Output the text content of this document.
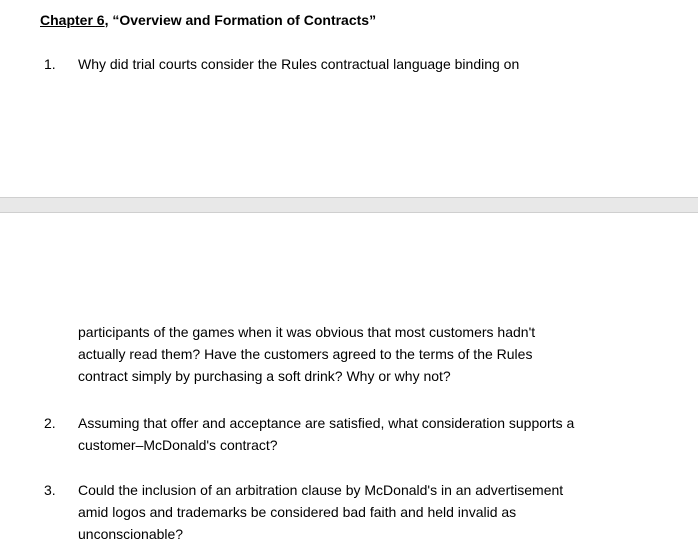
Chapter 6, “Overview and Formation of Contracts”
1. Why did trial courts consider the Rules contractual language binding on
participants of the games when it was obvious that most customers hadn't
actually read them? Have the customers agreed to the terms of the Rules
contract simply by purchasing a soft drink? Why or why not?
2. Assuming that offer and acceptance are satisfied, what consideration supports a
customer–McDonald's contract?
3. Could the inclusion of an arbitration clause by McDonald's in an advertisement
amid logos and trademarks be considered bad faith and held invalid as
unconscionable?
